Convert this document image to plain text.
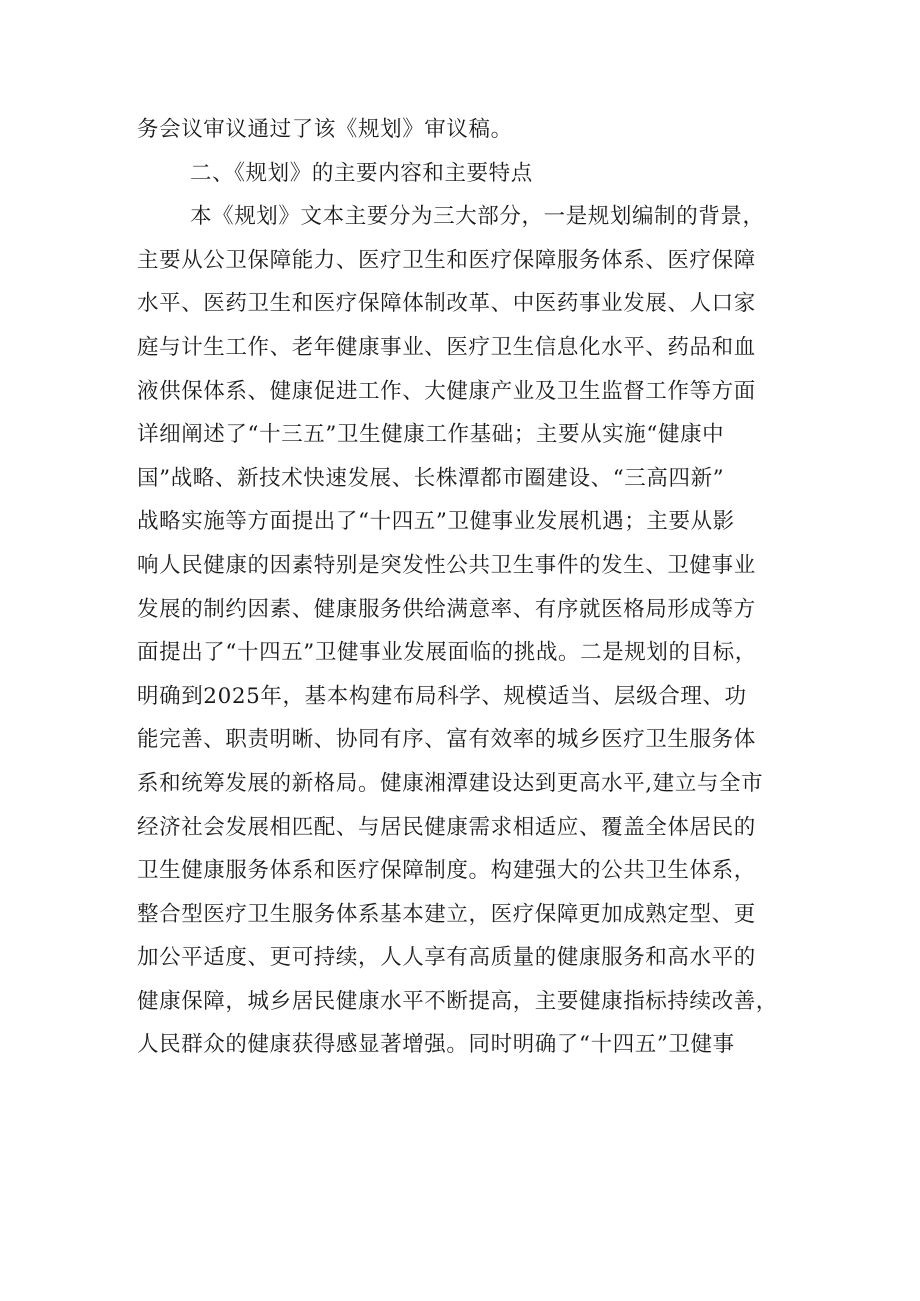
务会议审议通过了该《规划》审议稿。
二、《规划》的主要内容和主要特点
本《规划》文本主要分为三大部分，一是规划编制的背景，
主要从公卫保障能力、医疗卫生和医疗保障服务体系、医疗保障
水平、医药卫生和医疗保障体制改革、中医药事业发展、人口家
庭与计生工作、老年健康事业、医疗卫生信息化水平、药品和血
液供保体系、健康促进工作、大健康产业及卫生监督工作等方面
详细阐述了“十三五”卫生健康工作基础；主要从实施“健康中
国”战略、新技术快速发展、长株潭都市圈建设、“三高四新”
战略实施等方面提出了“十四五”卫健事业发展机遇；主要从影
响人民健康的因素特别是突发性公共卫生事件的发生、卫健事业
发展的制约因素、健康服务供给满意率、有序就医格局形成等方
面提出了“十四五”卫健事业发展面临的挑战。二是规划的目标，
明确到2025年，基本构建布局科学、规模适当、层级合理、功
能完善、职责明晰、协同有序、富有效率的城乡医疗卫生服务体
系和统筹发展的新格局。健康湘潭建设达到更高水平,建立与全市
经济社会发展相匹配、与居民健康需求相适应、覆盖全体居民的
卫生健康服务体系和医疗保障制度。构建强大的公共卫生体系，
整合型医疗卫生服务体系基本建立，医疗保障更加成熟定型、更
加公平适度、更可持续，人人享有高质量的健康服务和高水平的
健康保障，城乡居民健康水平不断提高，主要健康指标持续改善，
人民群众的健康获得感显著增强。同时明确了“十四五”卫健事
